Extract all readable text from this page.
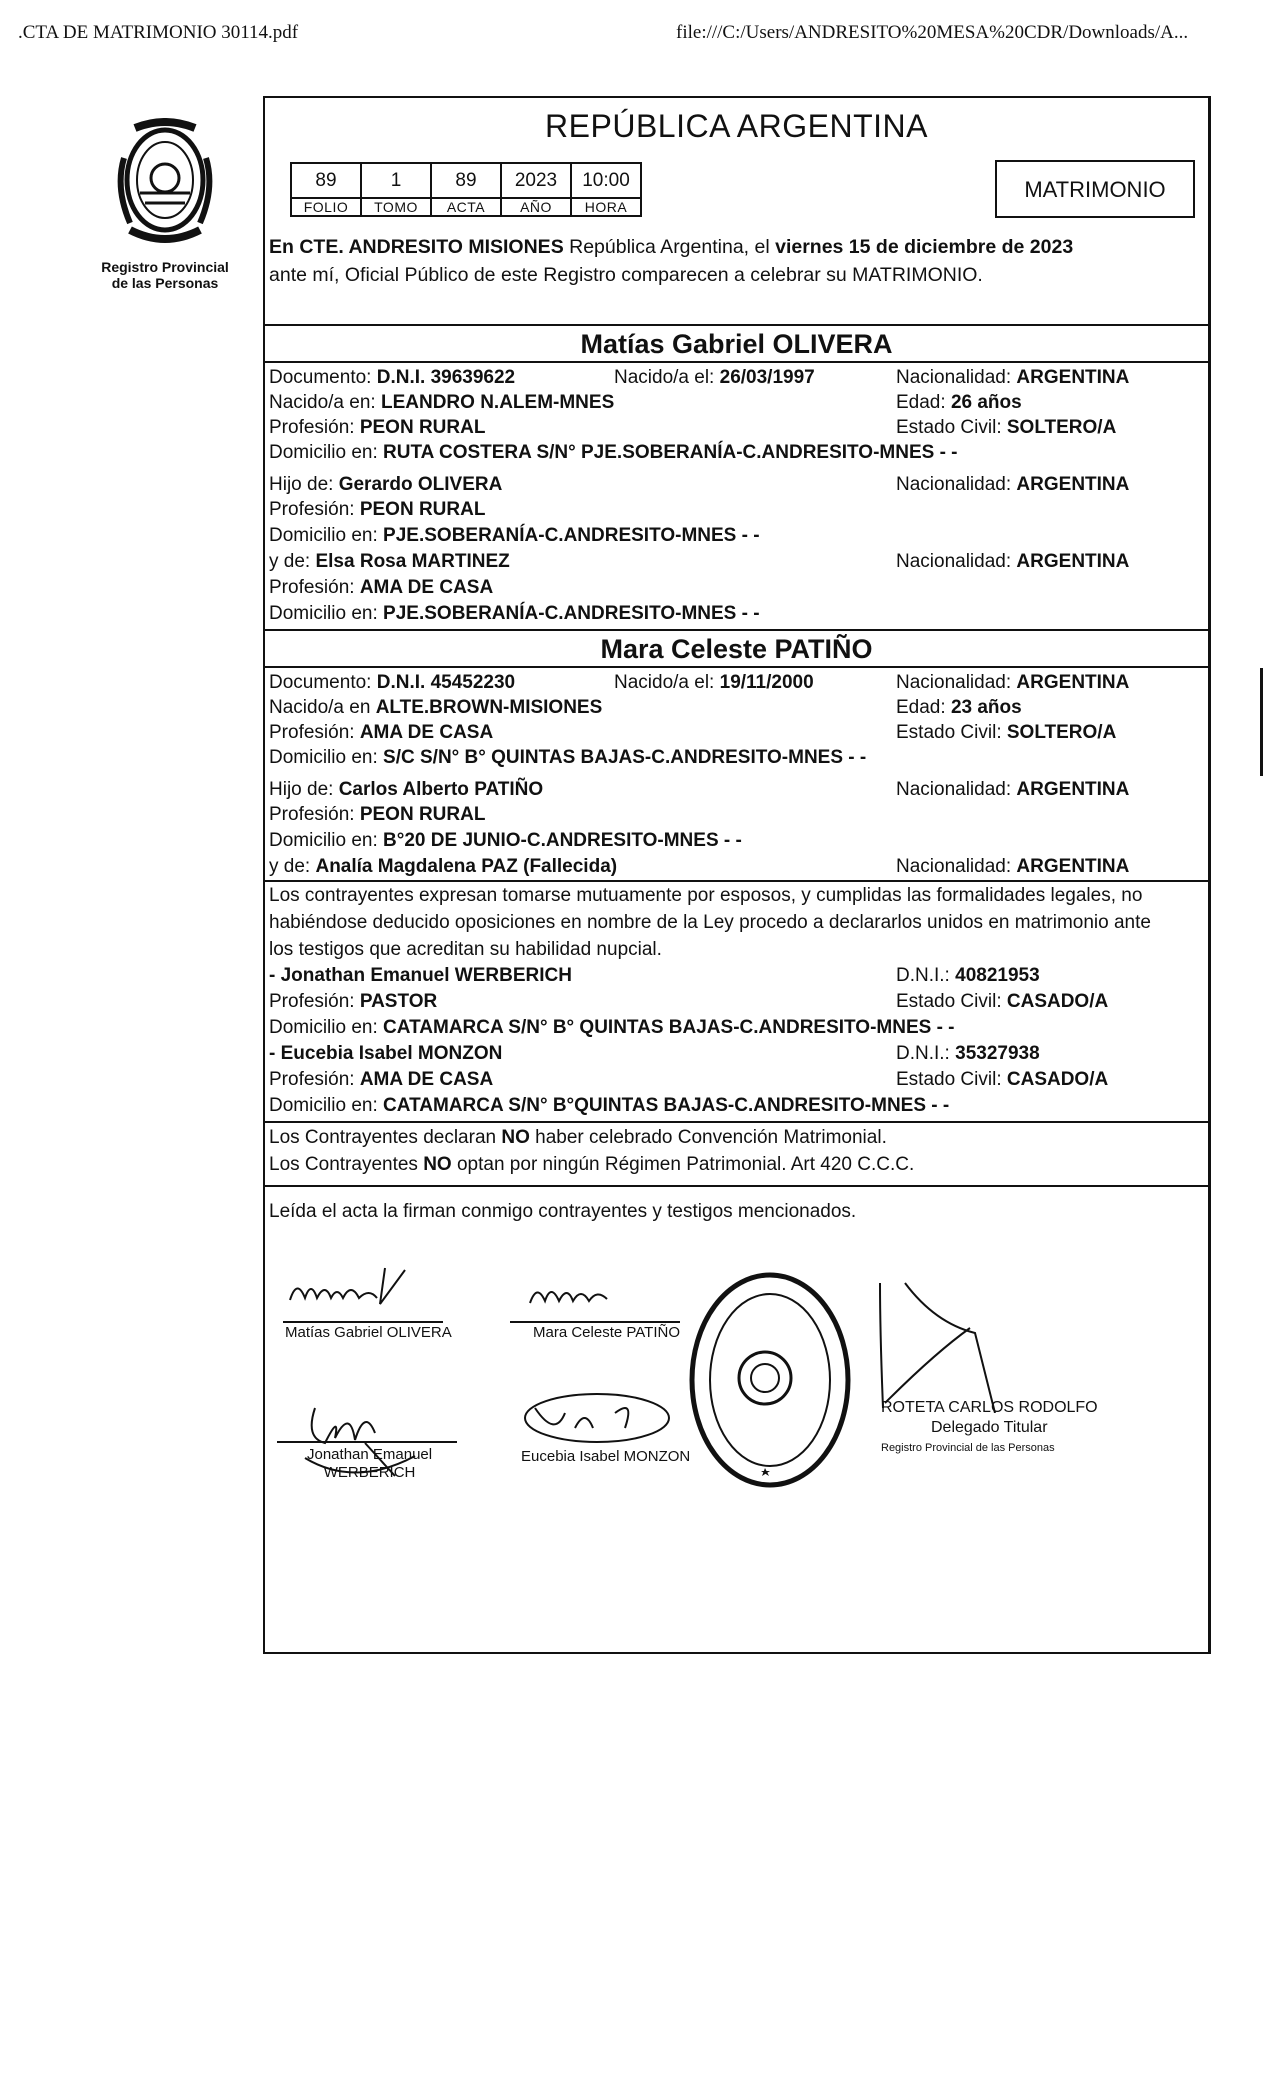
.CTA DE MATRIMONIO 30114.pdf	file:///C:/Users/ANDRESITO%20MESA%20CDR/Downloads/A...
Registro Provincial
de las Personas
REPÚBLICA ARGENTINA
89	1	89	2023	10:00
FOLIO	TOMO	ACTA	AÑO	HORA
MATRIMONIO
En CTE. ANDRESITO MISIONES República Argentina, el viernes 15 de diciembre de 2023
ante mí, Oficial Público de este Registro comparecen a celebrar su MATRIMONIO.
Matías Gabriel OLIVERA
Documento: D.N.I. 39639622	Nacido/a el: 26/03/1997	Nacionalidad: ARGENTINA
Nacido/a en: LEANDRO N.ALEM-MNES	Edad: 26 años
Profesión: PEON RURAL	Estado Civil: SOLTERO/A
Domicilio en: RUTA COSTERA S/N° PJE.SOBERANÍA-C.ANDRESITO-MNES - -
Hijo de: Gerardo OLIVERA	Nacionalidad: ARGENTINA
Profesión: PEON RURAL
Domicilio en: PJE.SOBERANÍA-C.ANDRESITO-MNES - -
y de: Elsa Rosa MARTINEZ	Nacionalidad: ARGENTINA
Profesión: AMA DE CASA
Domicilio en: PJE.SOBERANÍA-C.ANDRESITO-MNES - -
Mara Celeste PATIÑO
Documento: D.N.I. 45452230	Nacido/a el: 19/11/2000	Nacionalidad: ARGENTINA
Nacido/a en ALTE.BROWN-MISIONES	Edad: 23 años
Profesión: AMA DE CASA	Estado Civil: SOLTERO/A
Domicilio en: S/C S/N° B° QUINTAS BAJAS-C.ANDRESITO-MNES - -
Hijo de: Carlos Alberto PATIÑO	Nacionalidad: ARGENTINA
Profesión: PEON RURAL
Domicilio en: B°20 DE JUNIO-C.ANDRESITO-MNES - -
y de: Analía Magdalena PAZ (Fallecida)	Nacionalidad: ARGENTINA
Los contrayentes expresan tomarse mutuamente por esposos, y cumplidas las formalidades legales, no
habiéndose deducido oposiciones en nombre de la Ley procedo a declararlos unidos en matrimonio ante
los testigos que acreditan su habilidad nupcial.
- Jonathan Emanuel WERBERICH	D.N.I.: 40821953
Profesión: PASTOR	Estado Civil: CASADO/A
Domicilio en: CATAMARCA S/N° B° QUINTAS BAJAS-C.ANDRESITO-MNES - -
- Eucebia Isabel MONZON	D.N.I.: 35327938
Profesión: AMA DE CASA	Estado Civil: CASADO/A
Domicilio en: CATAMARCA S/N° B°QUINTAS BAJAS-C.ANDRESITO-MNES - -
Los Contrayentes declaran NO haber celebrado Convención Matrimonial.
Los Contrayentes NO optan por ningún Régimen Patrimonial. Art 420 C.C.C.
Leída el acta la firman conmigo contrayentes y testigos mencionados.
Matías Gabriel OLIVERA	Mara Celeste PATIÑO
Jonathan Emanuel
WERBERICH
Eucebia Isabel MONZON
ROTETA CARLOS RODOLFO
Delegado Titular
Registro Provincial de las Personas
